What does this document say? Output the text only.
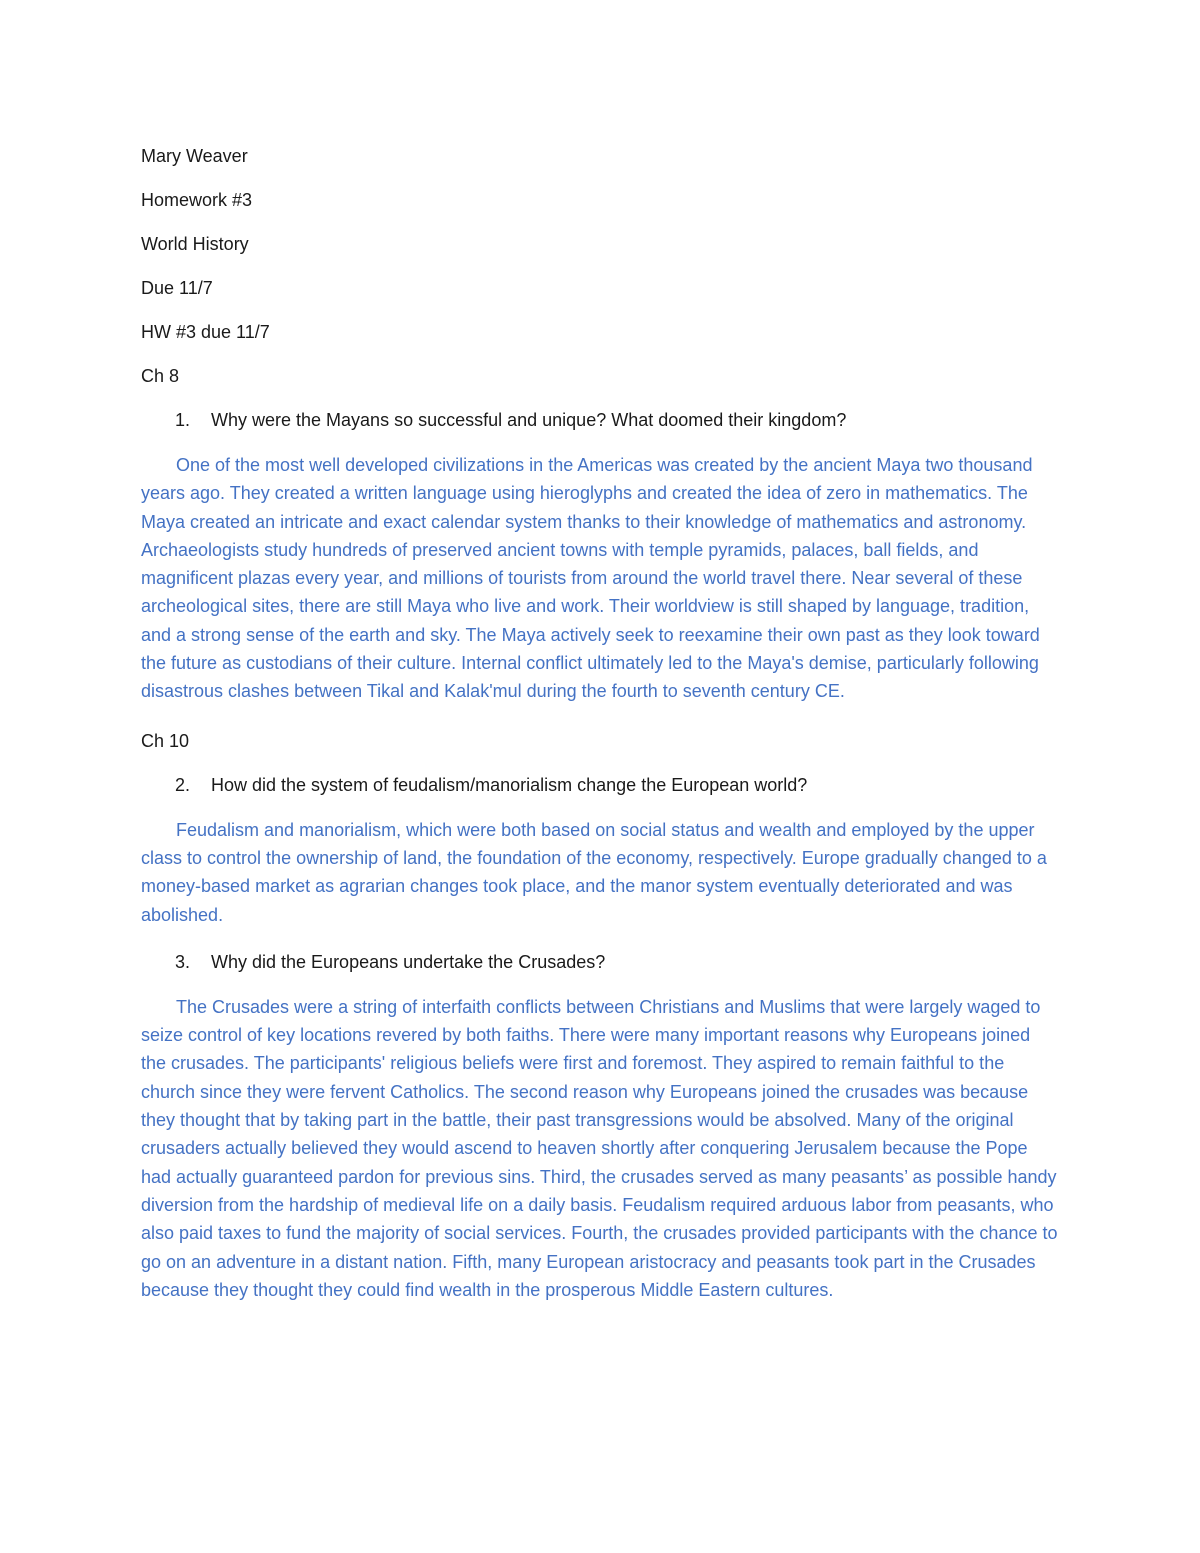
Mary Weaver

Homework #3

World History

Due 11/7

HW #3 due 11/7

Ch 8

1.	Why were the Mayans so successful and unique? What doomed their kingdom?

One of the most well developed civilizations in the Americas was created by the ancient Maya two thousand years ago. They created a written language using hieroglyphs and created the idea of zero in mathematics. The Maya created an intricate and exact calendar system thanks to their knowledge of mathematics and astronomy. Archaeologists study hundreds of preserved ancient towns with temple pyramids, palaces, ball fields, and magnificent plazas every year, and millions of tourists from around the world travel there. Near several of these archeological sites, there are still Maya who live and work. Their worldview is still shaped by language, tradition, and a strong sense of the earth and sky. The Maya actively seek to reexamine their own past as they look toward the future as custodians of their culture. Internal conflict ultimately led to the Maya's demise, particularly following disastrous clashes between Tikal and Kalak'mul during the fourth to seventh century CE.

Ch 10

2.	How did the system of feudalism/manorialism change the European world?

Feudalism and manorialism, which were both based on social status and wealth and employed by the upper class to control the ownership of land, the foundation of the economy, respectively. Europe gradually changed to a money-based market as agrarian changes took place, and the manor system eventually deteriorated and was abolished.

3.	Why did the Europeans undertake the Crusades?

The Crusades were a string of interfaith conflicts between Christians and Muslims that were largely waged to seize control of key locations revered by both faiths. There were many important reasons why Europeans joined the crusades. The participants' religious beliefs were first and foremost. They aspired to remain faithful to the church since they were fervent Catholics. The second reason why Europeans joined the crusades was because they thought that by taking part in the battle, their past transgressions would be absolved. Many of the original crusaders actually believed they would ascend to heaven shortly after conquering Jerusalem because the Pope had actually guaranteed pardon for previous sins. Third, the crusades served as many peasants’ as possible handy diversion from the hardship of medieval life on a daily basis. Feudalism required arduous labor from peasants, who also paid taxes to fund the majority of social services. Fourth, the crusades provided participants with the chance to go on an adventure in a distant nation. Fifth, many European aristocracy and peasants took part in the Crusades because they thought they could find wealth in the prosperous Middle Eastern cultures.
